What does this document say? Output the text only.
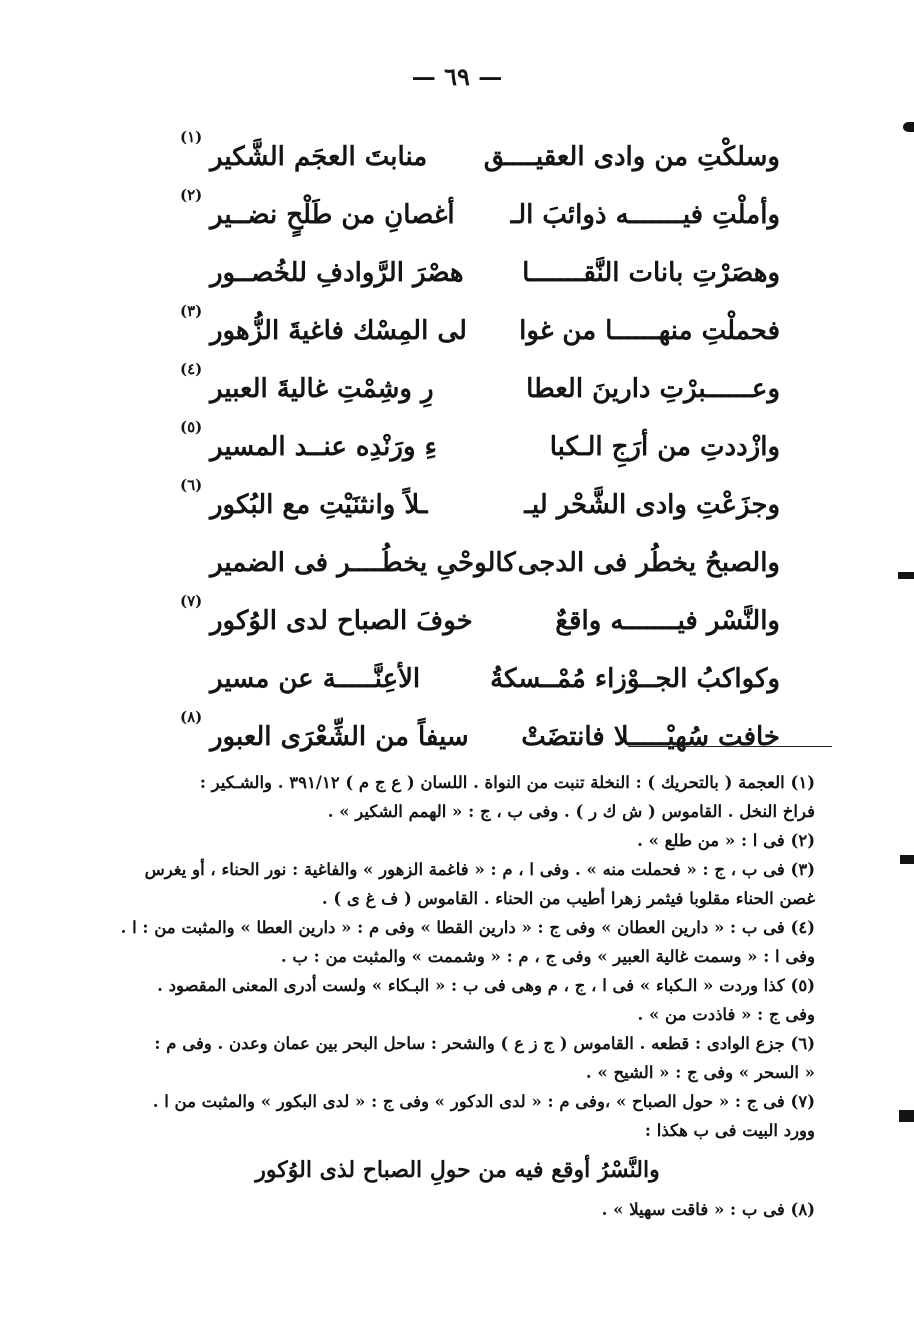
— ٦٩ —
وسلكْتِ من وادى العقيــــق
منابتَ العجَم الشَّكير
(١)
وأملْتِ فيـــــــه ذوائبَ الـ
أغصانِ من طَلْحٍ نضــير
(٢)
وهصَرْتِ بانات النَّقـــــــا
هصْرَ الرَّوادفِ للخُصــور
فحملْتِ منهــــــا من غوا
لى المِسْك فاغيةَ الزُّهور
(٣)
وعــــــبرْتِ دارينَ العطا
رِ وشِمْتِ غاليةَ العبير
(٤)
وازْددتِ من أرَجِ الـكبا
ءِ ورَنْدِه عنــد المسير
(٥)
وجزَعْتِ وادى الشَّحْر ليـ
ـلاً وانثنَيْتِ مع البُكور
(٦)
والصبحُ يخطُر فى الدجى
كالوحْىِ يخطُــــر فى الضمير
والنَّسْر فيـــــــه واقعٌ
خوفَ الصباح لدى الوُكور
(٧)
وكواكبُ الجــوْزاء مُمْــسكةُ
الأعِنَّـــــة عن مسير
خافت سُهيْـــــلا فانتضَتْ
سيفاً من الشِّعْرَى العبور
(٨)

(١) العجمة ( بالتحريك ) : النخلة تنبت من النواة . اللسان ( ع ج م ) ٣٩١/١٢ . والشـكير :

فراخ النخل . القاموس ( ش ك ر ) . وفى ب ، ج : « الهمم الشكير » .

(٢) فى ا : « من طلع » .

(٣) فى ب ، ج : « فحملت منه » . وفى ا ، م : « فاغمة الزهور » والفاغية : نور الحناء ، أو يغرس

غصن الحناء مقلوبا فيثمر زهرا أطيب من الحناء . القاموس ( ف غ ى ) .

(٤) فى ب : « دارين العطان » وفى ج : « دارين القطا » وفى م : « دارين العطا » والمثبت من : ا .

وفى ا : « وسمت غالية العبير » وفى ج ، م : « وشممت » والمثبت من : ب .

(٥) كذا وردت « الـكباء » فى ا ، ج ، م وهى فى ب : « البـكاء » ولست أدرى المعنى المقصود .

وفى ج : « فاذدت من » .

(٦) جزع الوادى : قطعه . القاموس ( ج ز ع ) والشحر : ساحل البحر بين عمان وعدن . وفى م :

« السحر » وفى ج : « الشيح » .

(٧) فى ج : « حول الصباح » ،وفى م : « لدى الدكور » وفى ج : « لدى البكور » والمثبت من ا .

وورد البيت فى ب هكذا :

والنَّسْرُ أوقع فيه من حولِ الصباح لذى الوُكور

(٨) فى ب : « فاقت سهيلا » .
